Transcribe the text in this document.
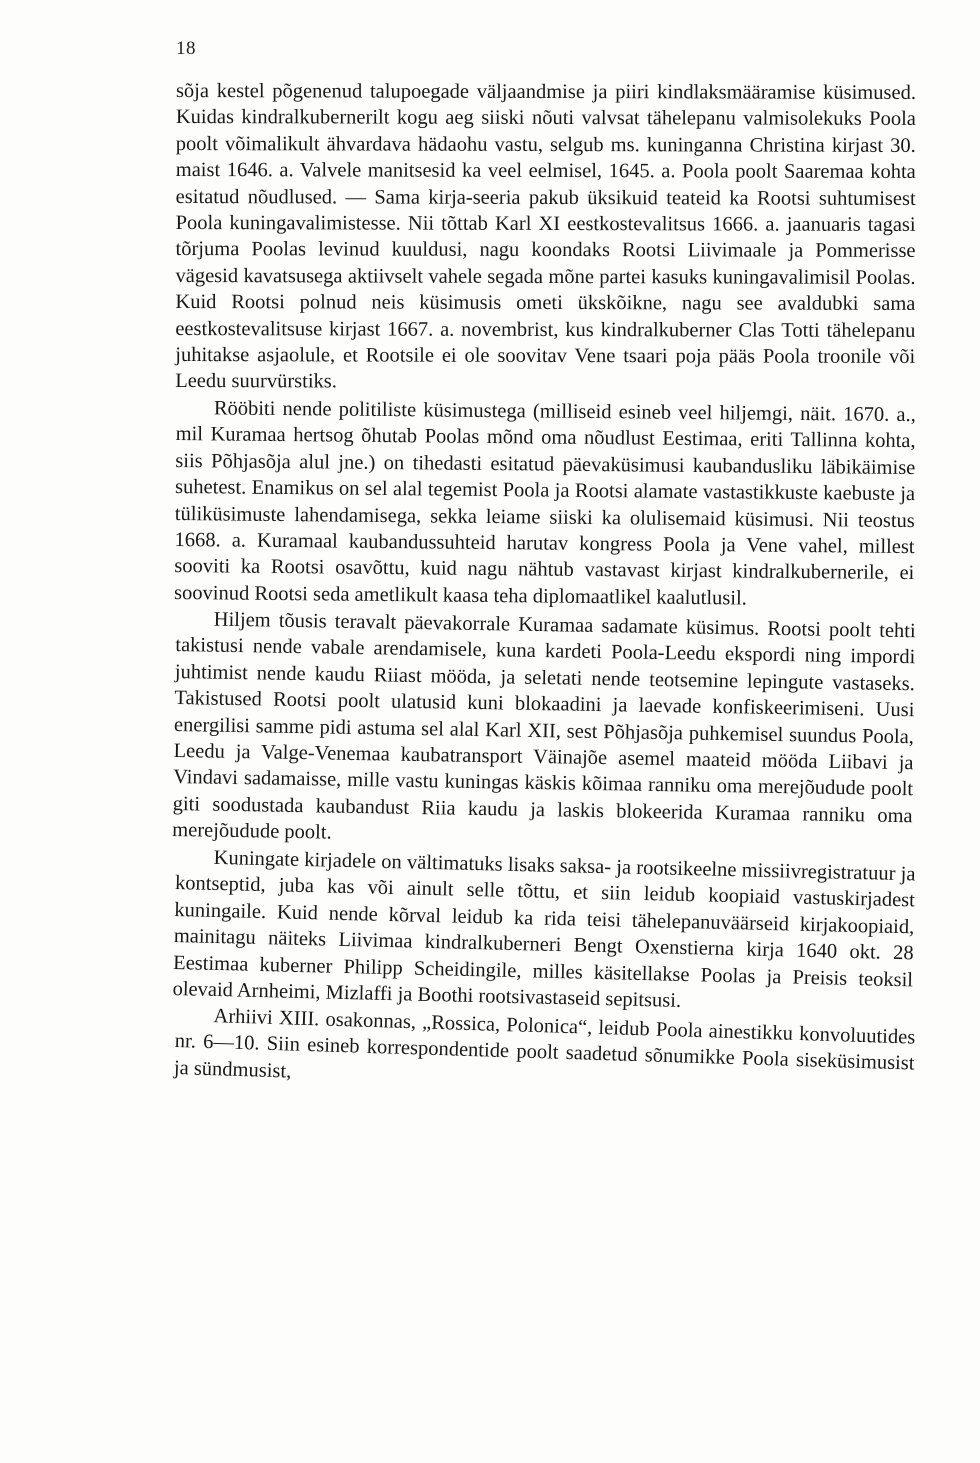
18

sõja kestel põgenenud talupoegade väljaandmise ja piiri kindlaksmääramise küsimused. Kuidas kindralkubernerilt kogu aeg siiski nõuti valvsat tähelepanu valmisolekuks Poola poolt võimalikult ähvardava hädaohu vastu, selgub ms. kuninganna Christina kirjast 30. maist 1646. a. Valvele manitsesid ka veel eelmisel, 1645. a. Poola poolt Saaremaa kohta esitatud nõudlused. — Sama kirja-seeria pakub üksikuid teateid ka Rootsi suhtumisest Poola kuningavalimistesse. Nii tõttab Karl XI eestkostevalitsus 1666. a. jaanuaris tagasi tõrjuma Poolas levinud kuuldusi, nagu koondaks Rootsi Liivimaale ja Pommerisse vägesid kavatsusega aktiivselt vahele segada mõne partei kasuks kuningavalimisil Poolas. Kuid Rootsi polnud neis küsimusis ometi ükskõikne, nagu see avaldubki sama eestkostevalitsuse kirjast 1667. a. novembrist, kus kindralkuberner Clas Totti tähelepanu juhitakse asjaolule, et Rootsile ei ole soovitav Vene tsaari poja pääs Poola troonile või Leedu suurvürstiks.

Rööbiti nende politiliste küsimustega (milliseid esineb veel hiljemgi, näit. 1670. a., mil Kuramaa hertsog õhutab Poolas mõnd oma nõudlust Eestimaa, eriti Tallinna kohta, siis Põhjasõja alul jne.) on tihedasti esitatud päevaküsimusi kaubandusliku läbikäimise suhetest. Enamikus on sel alal tegemist Poola ja Rootsi alamate vastastikkuste kaebuste ja tüliküsimuste lahendamisega, sekka leiame siiski ka olulisemaid küsimusi. Nii teostus 1668. a. Kuramaal kaubandussuhteid harutav kongress Poola ja Vene vahel, millest sooviti ka Rootsi osavõttu, kuid nagu nähtub vastavast kirjast kindralkubernerile, ei soovinud Rootsi seda ametlikult kaasa teha diplomaatlikel kaalutlusil.

Hiljem tõusis teravalt päevakorrale Kuramaa sadamate küsimus. Rootsi poolt tehti takistusi nende vabale arendamisele, kuna kardeti Poola-Leedu ekspordi ning impordi juhtimist nende kaudu Riiast mööda, ja seletati nende teotsemine lepingute vastaseks. Takistused Rootsi poolt ulatusid kuni blokaadini ja laevade konfiskeerimiseni. Uusi energilisi samme pidi astuma sel alal Karl XII, sest Põhjasõja puhkemisel suundus Poola, Leedu ja Valge-Venemaa kaubatransport Väinajõe asemel maateid mööda Liibavi ja Vindavi sadamaisse, mille vastu kuningas käskis kõimaa ranniku oma merejõudude poolt giti soodustada kaubandust Riia kaudu ja laskis blokeerida Kuramaa ranniku oma merejõudude poolt.

Kuningate kirjadele on vältimatuks lisaks saksa- ja rootsikeelne missiivregistratuur ja kontseptid, juba kas või ainult selle tõttu, et siin leidub koopiaid vastuskirjadest kuningaile. Kuid nende kõrval leidub ka rida teisi tähelepanuväärseid kirjakoopiaid, mainitagu näiteks Liivimaa kindralkuberneri Bengt Oxenstierna kirja 1640 okt. 28 Eestimaa kuberner Philipp Scheidingile, milles käsitellakse Poolas ja Preisis teoksil olevaid Arnheimi, Mizlaffi ja Boothi rootsivastaseid sepitsusi.

Arhiivi XIII. osakonnas, „Rossica, Polonica“, leidub Poola ainestikku konvoluutides nr. 6—10. Siin esineb korrespondentide poolt saadetud sõnumikke Poola siseküsimusist ja sündmusist,
